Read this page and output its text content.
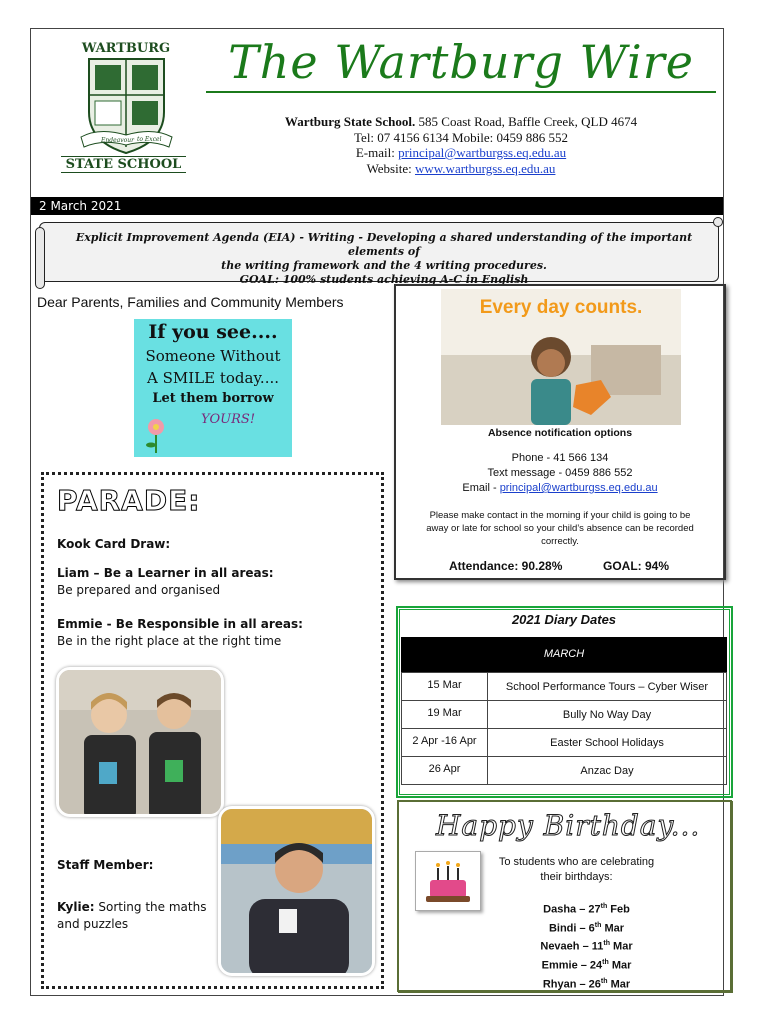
WARTBURG
Endeavour to Excel
STATE SCHOOL
The Wartburg Wire
Wartburg State School. 585 Coast Road, Baffle Creek, QLD 4674
Tel: 07 4156 6134 Mobile: 0459 886 552
E-mail: principal@wartburgss.eq.edu.au
Website: www.wartburgss.eq.edu.au
2 March 2021
Explicit Improvement Agenda (EIA) - Writing - Developing a shared understanding of the important elements of
the writing framework and the 4 writing procedures.
GOAL: 100% students achieving A-C in English
Dear Parents, Families and Community Members
If you see....
Someone Without
A SMILE today....
Let them borrow
YOURS!
PARADE:
Kook Card Draw:
Liam – Be a Learner in all areas:
Be prepared and organised
Emmie - Be Responsible in all areas:
Be in the right place at the right time
Staff Member:
Kylie: Sorting the maths
and puzzles
Every day counts.
Absence notification options
Phone - 41 566 134
Text message - 0459 886 552
Email - principal@wartburgss.eq.edu.au
Please make contact in the morning if your child is going to be
away or late for school so your child’s absence can be recorded
correctly.
Attendance: 90.28%	GOAL: 94%
2021 Diary Dates
MARCH
15 Mar	School Performance Tours – Cyber Wiser
19 Mar	Bully No Way Day
2 Apr -16 Apr	Easter School Holidays
26 Apr	Anzac Day
Happy Birthday...
To students who are celebrating
their birthdays:
Dasha – 27th Feb
Bindi – 6th Mar
Nevaeh – 11th Mar
Emmie – 24th Mar
Rhyan – 26th Mar
